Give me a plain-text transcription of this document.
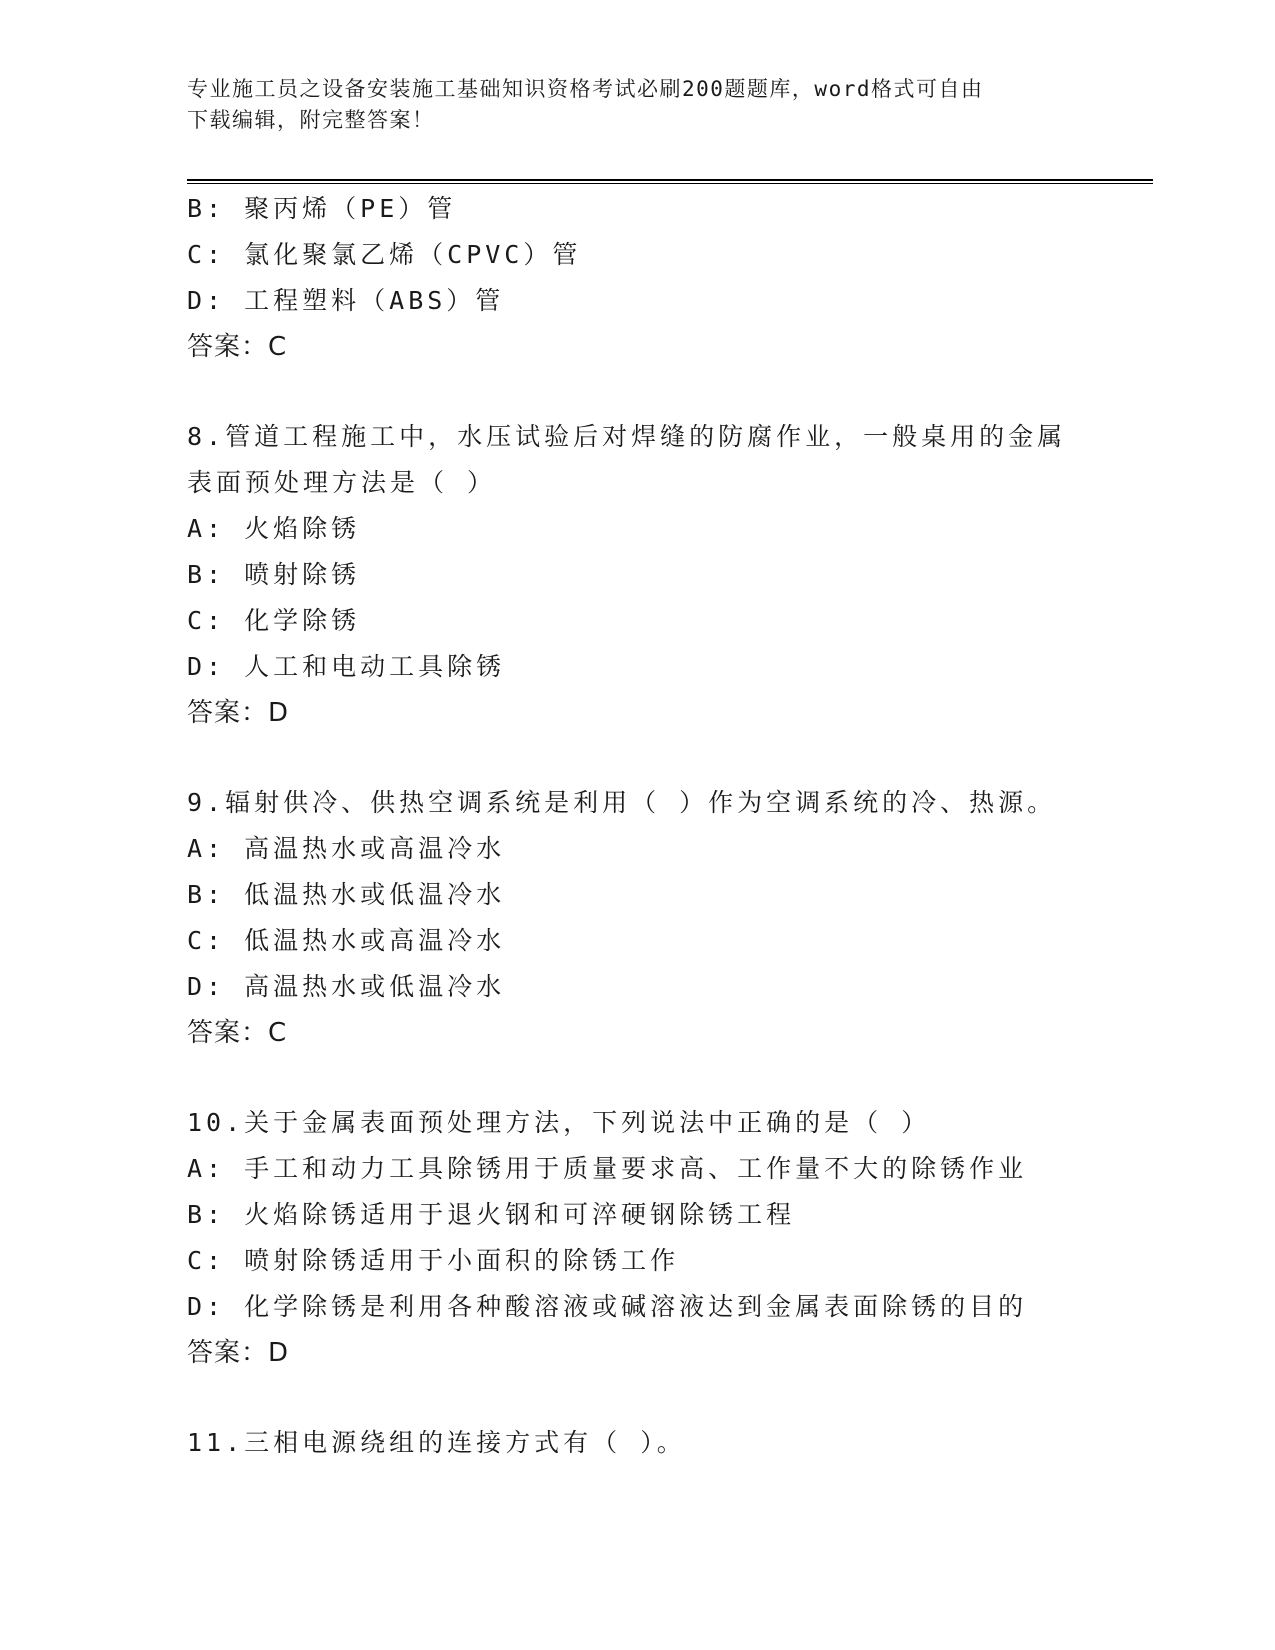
专业施工员之设备安装施工基础知识资格考试必刷200题题库，word格式可自由
下载编辑，附完整答案！
B: 聚丙烯（PE）管
C: 氯化聚氯乙烯（CPVC）管
D: 工程塑料（ABS）管
答案：C
8.管道工程施工中，水压试验后对焊缝的防腐作业，一般桌用的金属
表面预处理方法是（ ）
A: 火焰除锈
B: 喷射除锈
C: 化学除锈
D: 人工和电动工具除锈
答案：D
9.辐射供冷、供热空调系统是利用（ ）作为空调系统的冷、热源。
A: 高温热水或高温冷水
B: 低温热水或低温冷水
C: 低温热水或高温冷水
D: 高温热水或低温冷水
答案：C
10.关于金属表面预处理方法，下列说法中正确的是（ ）
A: 手工和动力工具除锈用于质量要求高、工作量不大的除锈作业
B: 火焰除锈适用于退火钢和可淬硬钢除锈工程
C: 喷射除锈适用于小面积的除锈工作
D: 化学除锈是利用各种酸溶液或碱溶液达到金属表面除锈的目的
答案：D
11.三相电源绕组的连接方式有（ ）。
